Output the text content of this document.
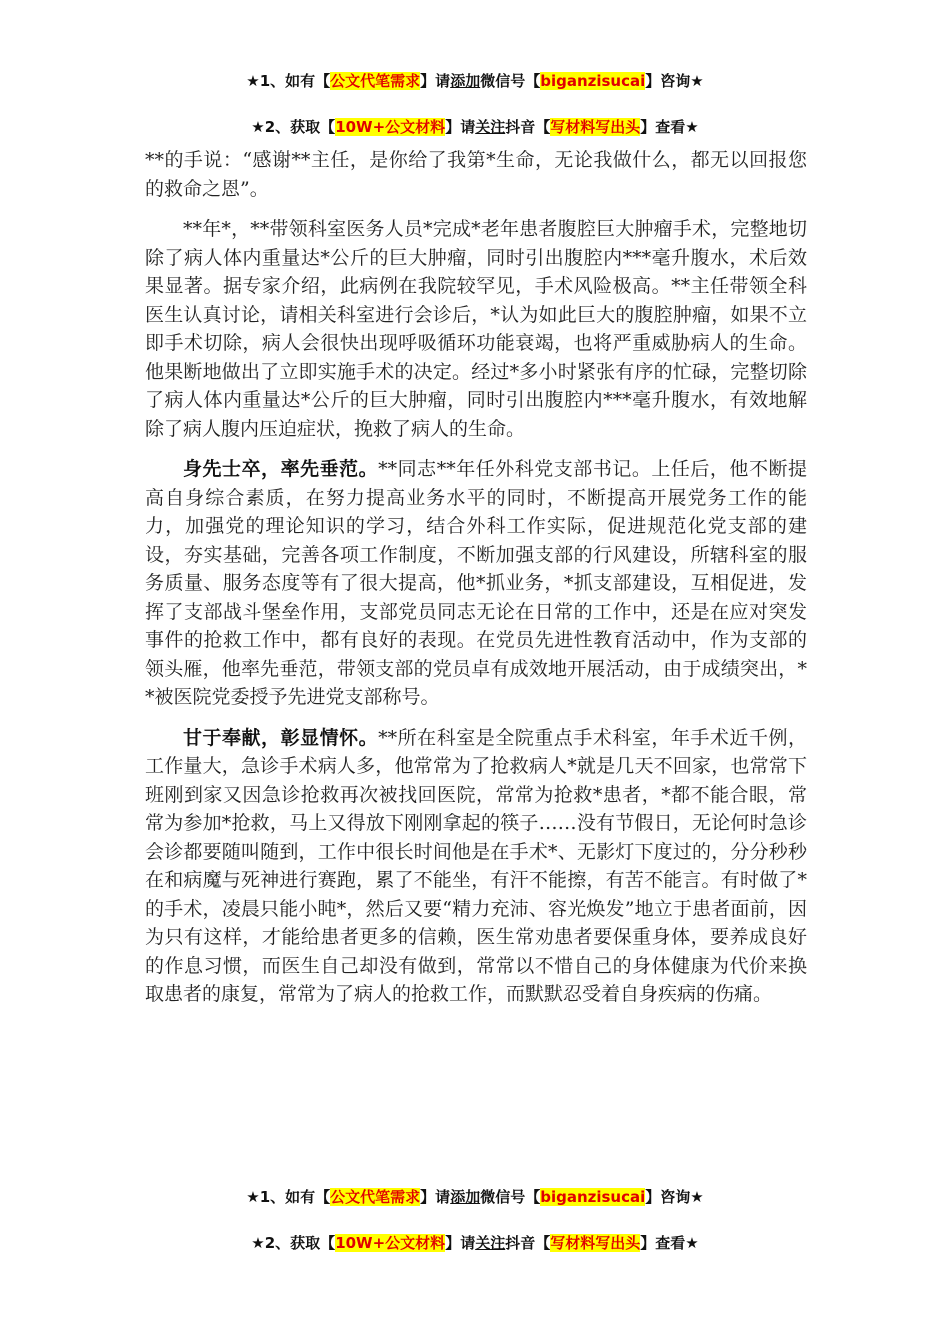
★1、如有【公文代笔需求】请添加微信号【biganzisucai】咨询★
★2、获取【10W+公文材料】请关注抖音【写材料写出头】查看★

**的手说：“感谢**主任，是你给了我第*生命，无论我做什么，都无以回报您的救命之恩”。

**年*，**带领科室医务人员*完成*老年患者腹腔巨大肿瘤手术，完整地切除了病人体内重量达*公斤的巨大肿瘤，同时引出腹腔内***毫升腹水，术后效果显著。据专家介绍，此病例在我院较罕见，手术风险极高。**主任带领全科医生认真讨论，请相关科室进行会诊后，*认为如此巨大的腹腔肿瘤，如果不立即手术切除，病人会很快出现呼吸循环功能衰竭，也将严重威胁病人的生命。他果断地做出了立即实施手术的决定。经过*多小时紧张有序的忙碌，完整切除了病人体内重量达*公斤的巨大肿瘤，同时引出腹腔内***毫升腹水，有效地解除了病人腹内压迫症状，挽救了病人的生命。

身先士卒，率先垂范。**同志**年任外科党支部书记。上任后，他不断提高自身综合素质，在努力提高业务水平的同时，不断提高开展党务工作的能力，加强党的理论知识的学习，结合外科工作实际，促进规范化党支部的建设，夯实基础，完善各项工作制度，不断加强支部的行风建设，所辖科室的服务质量、服务态度等有了很大提高，他*抓业务，*抓支部建设，互相促进，发挥了支部战斗堡垒作用，支部党员同志无论在日常的工作中，还是在应对突发事件的抢救工作中，都有良好的表现。在党员先进性教育活动中，作为支部的领头雁，他率先垂范，带领支部的党员卓有成效地开展活动，由于成绩突出，**被医院党委授予先进党支部称号。

甘于奉献，彰显情怀。**所在科室是全院重点手术科室，年手术近千例，工作量大，急诊手术病人多，他常常为了抢救病人*就是几天不回家，也常常下班刚到家又因急诊抢救再次被找回医院，常常为抢救*患者，*都不能合眼，常常为参加*抢救，马上又得放下刚刚拿起的筷子……没有节假日，无论何时急诊会诊都要随叫随到，工作中很长时间他是在手术*、无影灯下度过的，分分秒秒在和病魔与死神进行赛跑，累了不能坐，有汗不能擦，有苦不能言。有时做了*的手术，凌晨只能小盹*，然后又要“精力充沛、容光焕发”地立于患者面前，因为只有这样，才能给患者更多的信赖，医生常劝患者要保重身体，要养成良好的作息习惯，而医生自己却没有做到，常常以不惜自己的身体健康为代价来换取患者的康复，常常为了病人的抢救工作，而默默忍受着自身疾病的伤痛。

★1、如有【公文代笔需求】请添加微信号【biganzisucai】咨询★
★2、获取【10W+公文材料】请关注抖音【写材料写出头】查看★
